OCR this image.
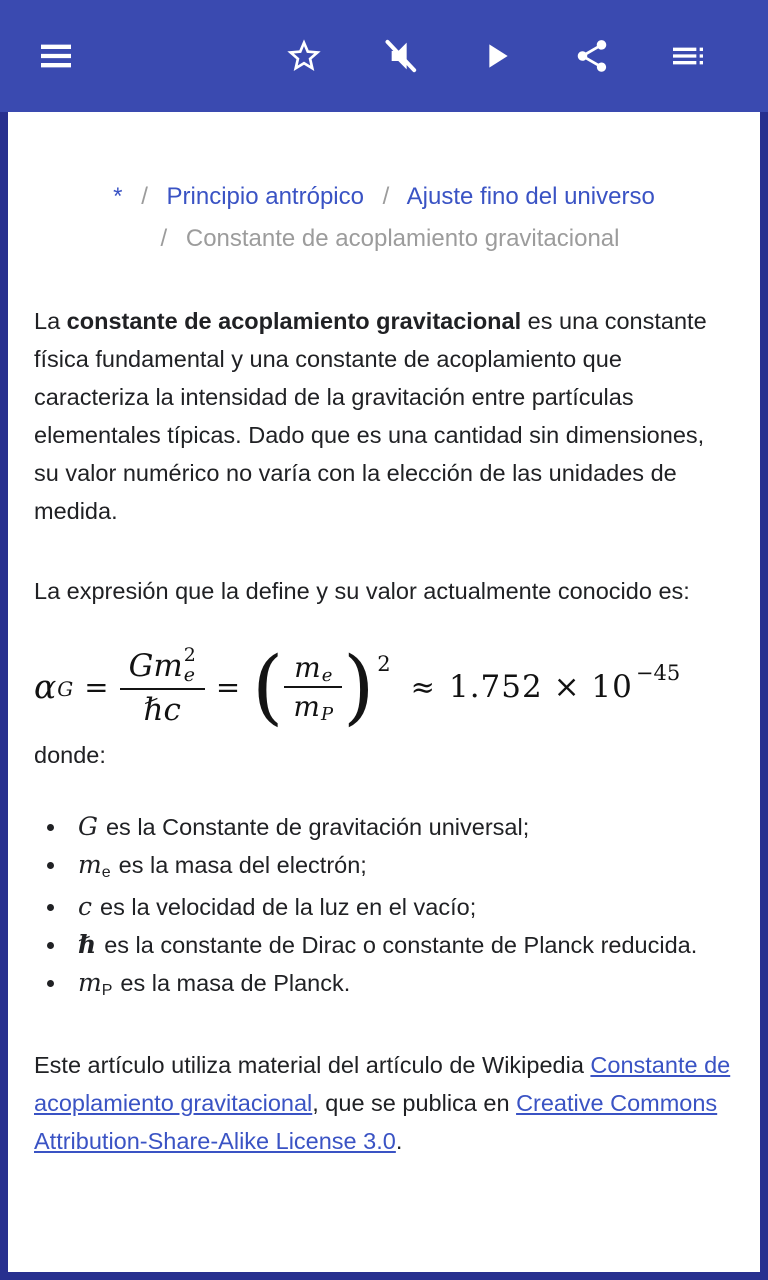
* / Principio antrópico / Ajuste fino del universo / Constante de acoplamiento gravitacional

La constante de acoplamiento gravitacional es una constante física fundamental y una constante de acoplamiento que caracteriza la intensidad de la gravitación entre partículas elementales típicas. Dado que es una cantidad sin dimensiones, su valor numérico no varía con la elección de las unidades de medida.

La expresión que la define y su valor actualmente conocido es:

α G =
G m 2
e
ℏ c
= ( $\frac{\text{m e}}{\text{m P}}$ ) 2
≈ 1.752 × 10 −45

donde:

• G es la Constante de gravitación universal;
• me es la masa del electrón;
• c es la velocidad de la luz en el vacío;
• ℏ es la constante de Dirac o constante de Planck reducida.
• mP es la masa de Planck.

Este artículo utiliza material del artículo de Wikipedia Constante de acoplamiento gravitacional, que se publica en Creative Commons Attribution-Share-Alike License 3.0.
